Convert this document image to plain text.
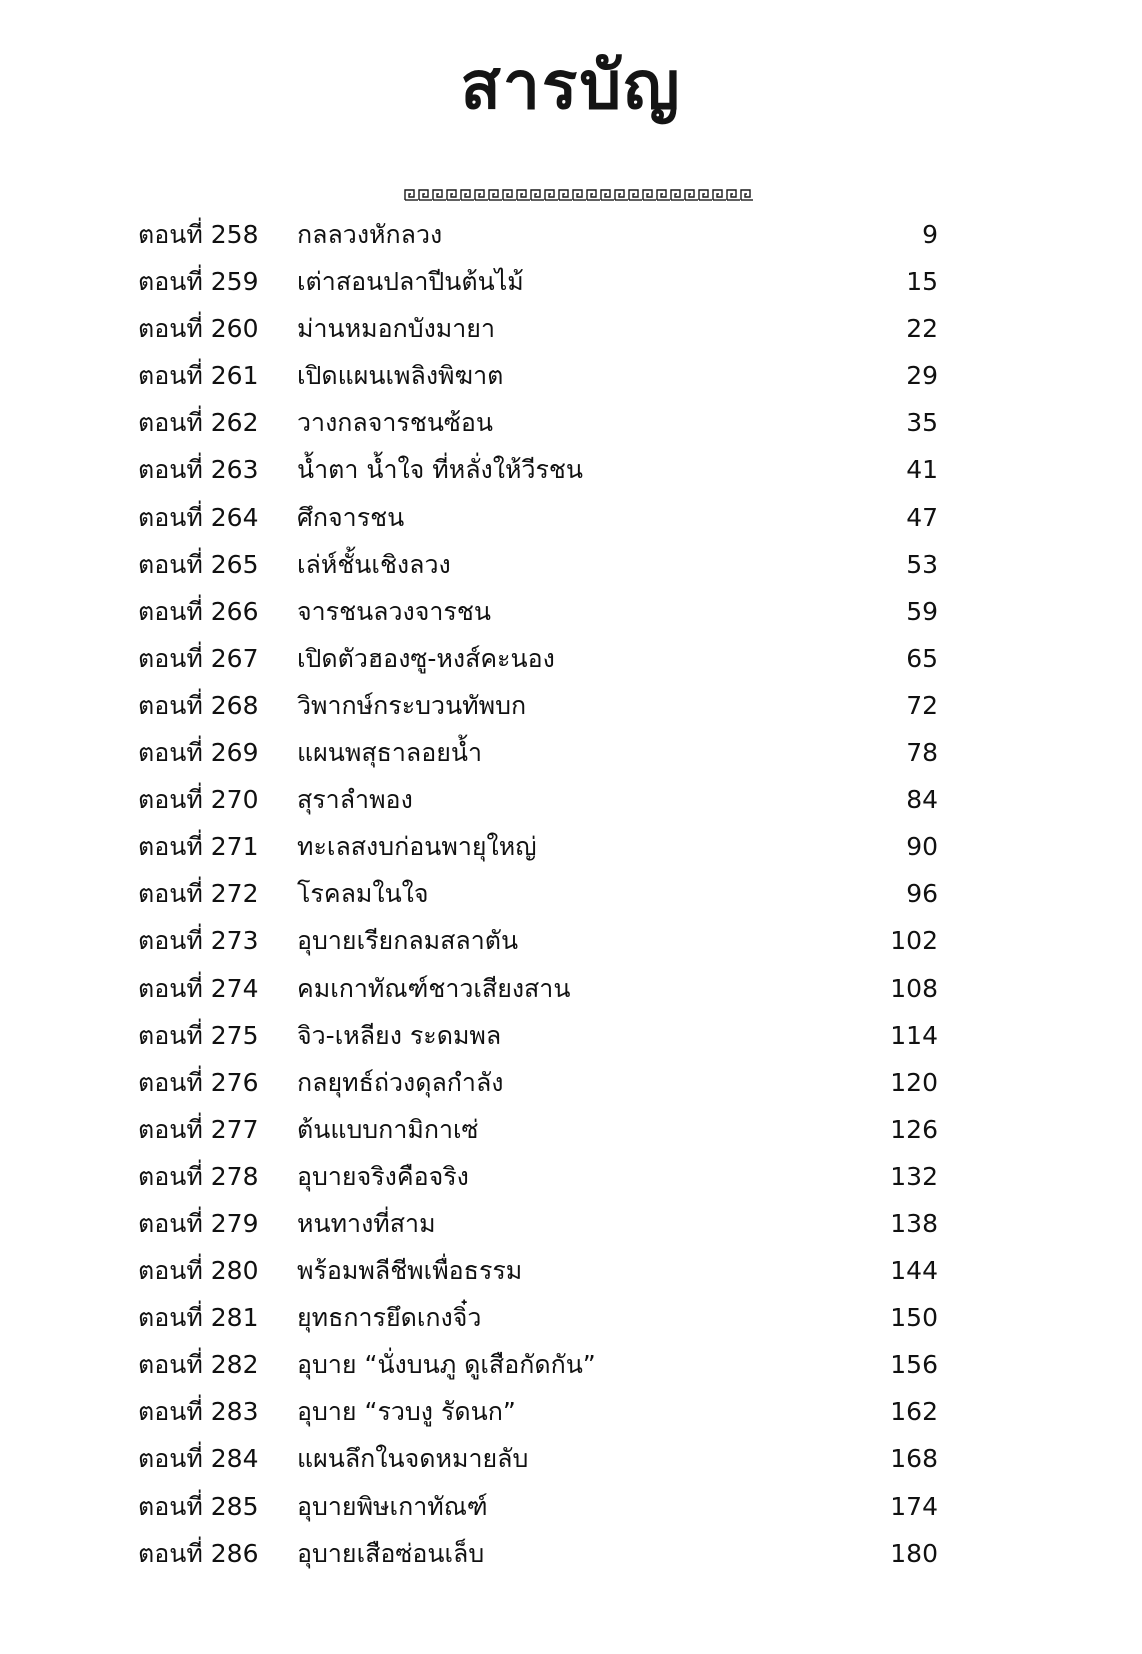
สารบัญ
ตอนที่ 258 กลลวงหักลวง	9
ตอนที่ 259 เต่าสอนปลาปีนต้นไม้	15
ตอนที่ 260 ม่านหมอกบังมายา	22
ตอนที่ 261 เปิดแผนเพลิงพิฆาต	29
ตอนที่ 262 วางกลจารชนซ้อน	35
ตอนที่ 263 น้ำตา น้ำใจ ที่หลั่งให้วีรชน	41
ตอนที่ 264 ศึกจารชน	47
ตอนที่ 265 เล่ห์ชั้นเชิงลวง	53
ตอนที่ 266 จารชนลวงจารชน	59
ตอนที่ 267 เปิดตัวฮองซู-หงส์คะนอง	65
ตอนที่ 268 วิพากษ์กระบวนทัพบก	72
ตอนที่ 269 แผนพสุธาลอยน้ำ	78
ตอนที่ 270 สุราลำพอง	84
ตอนที่ 271 ทะเลสงบก่อนพายุใหญ่	90
ตอนที่ 272 โรคลมในใจ	96
ตอนที่ 273 อุบายเรียกลมสลาตัน	102
ตอนที่ 274 คมเกาทัณฑ์ชาวเสียงสาน	108
ตอนที่ 275 จิว-เหลียง ระดมพล	114
ตอนที่ 276 กลยุทธ์ถ่วงดุลกำลัง	120
ตอนที่ 277 ต้นแบบกามิกาเซ่	126
ตอนที่ 278 อุบายจริงคือจริง	132
ตอนที่ 279 หนทางที่สาม	138
ตอนที่ 280 พร้อมพลีชีพเพื่อธรรม	144
ตอนที่ 281 ยุทธการยึดเกงจิ๋ว	150
ตอนที่ 282 อุบาย “นั่งบนภู ดูเสือกัดกัน”	156
ตอนที่ 283 อุบาย “รวบงู รัดนก”	162
ตอนที่ 284 แผนลึกในจดหมายลับ	168
ตอนที่ 285 อุบายพิษเกาทัณฑ์	174
ตอนที่ 286 อุบายเสือซ่อนเล็บ	180
